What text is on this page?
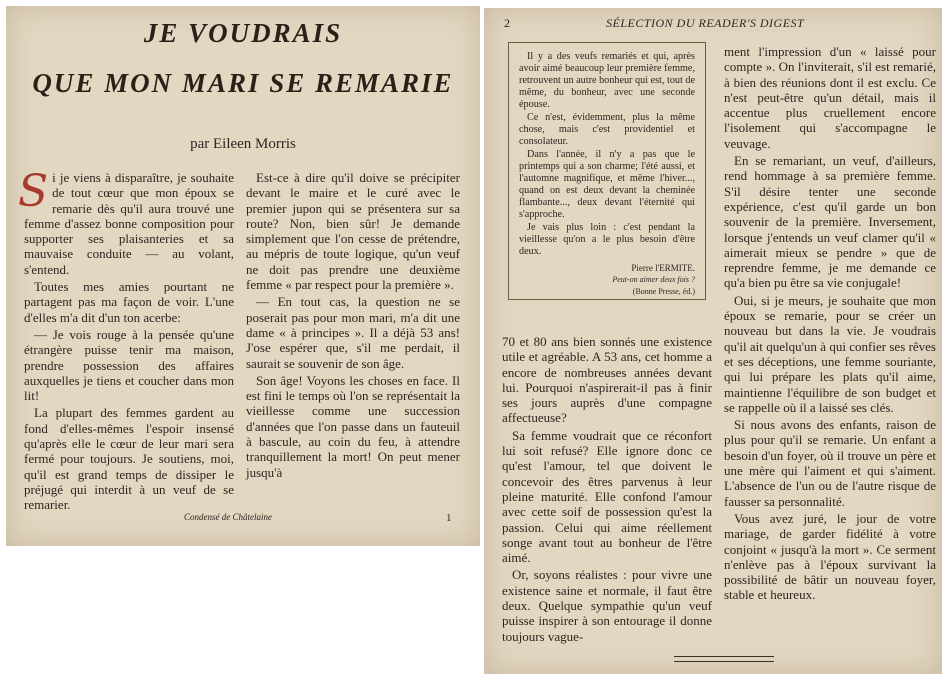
JE VOUDRAIS
QUE MON MARI SE REMARIE
par Eileen Morris

Si je viens à disparaître, je souhaite de tout cœur que mon époux se remarie dès qu'il aura trouvé une femme d'assez bonne composition pour supporter ses plaisanteries et sa mauvaise conduite — au volant, s'entend.

Toutes mes amies pourtant ne partagent pas ma façon de voir. L'une d'elles m'a dit d'un ton acerbe:

— Je vois rouge à la pensée qu'une étrangère puisse tenir ma maison, prendre possession des affaires auxquelles je tiens et coucher dans mon lit!

La plupart des femmes gardent au fond d'elles-mêmes l'espoir insensé qu'après elle le cœur de leur mari sera fermé pour toujours. Je soutiens, moi, qu'il est grand temps de dissiper le préjugé qui interdit à un veuf de se remarier.

Est-ce à dire qu'il doive se précipiter devant le maire et le curé avec le premier jupon qui se présentera sur sa route? Non, bien sûr! Je demande simplement que l'on cesse de prétendre, au mépris de toute logique, qu'un veuf ne doit pas prendre une deuxième femme « par respect pour la première ».

— En tout cas, la question ne se poserait pas pour mon mari, m'a dit une dame « à principes ». Il a déjà 53 ans! J'ose espérer que, s'il me perdait, il saurait se souvenir de son âge.

Son âge! Voyons les choses en face. Il est fini le temps où l'on se représentait la vieillesse comme une succession d'années que l'on passe dans un fauteuil à bascule, au coin du feu, à attendre tranquillement la mort! On peut mener jusqu'à

Condensé de Châtelaine	1
2	SÉLECTION DU READER'S DIGEST

Il y a des veufs remariés et qui, après avoir aimé beaucoup leur première femme, retrouvent un autre bonheur qui est, tout de même, du bonheur, avec une seconde épouse.

Ce n'est, évidemment, plus la même chose, mais c'est providentiel et consolateur.

Dans l'année, il n'y a pas que le printemps qui a son charme; l'été aussi, et l'automne magnifique, et même l'hiver..., quand on est deux devant la cheminée flambante..., deux devant l'éternité qui s'approche.

Je vais plus loin : c'est pendant la vieillesse qu'on a le plus besoin d'être deux.

Pierre l'ERMITE.
Peut-on aimer deux fois ?
(Bonne Presse, éd.)

70 et 80 ans bien sonnés une existence utile et agréable. A 53 ans, cet homme a encore de nombreuses années devant lui. Pourquoi n'aspirerait-il pas à finir ses jours auprès d'une compagne affectueuse?

Sa femme voudrait que ce réconfort lui soit refusé? Elle ignore donc ce qu'est l'amour, tel que doivent le concevoir des êtres parvenus à leur pleine maturité. Elle confond l'amour avec cette soif de possession qu'est la passion. Celui qui aime réellement songe avant tout au bonheur de l'être aimé.

Or, soyons réalistes : pour vivre une existence saine et normale, il faut être deux. Quelque sympathie qu'un veuf puisse inspirer à son entourage il donne toujours vague-

ment l'impression d'un « laissé pour compte ». On l'inviterait, s'il est remarié, à bien des réunions dont il est exclu. Ce n'est peut-être qu'un détail, mais il accentue plus cruellement encore l'isolement qui s'accompagne le veuvage.

En se remariant, un veuf, d'ailleurs, rend hommage à sa première femme. S'il désire tenter une seconde expérience, c'est qu'il garde un bon souvenir de la première. Inversement, lorsque j'entends un veuf clamer qu'il « aimerait mieux se pendre » que de reprendre femme, je me demande ce qu'a bien pu être sa vie conjugale!

Oui, si je meurs, je souhaite que mon époux se remarie, pour se créer un nouveau but dans la vie. Je voudrais qu'il ait quelqu'un à qui confier ses rêves et ses déceptions, une femme souriante, qui lui prépare les plats qu'il aime, maintienne l'équilibre de son budget et se rappelle où il a laissé ses clés.

Si nous avons des enfants, raison de plus pour qu'il se remarie. Un enfant a besoin d'un foyer, où il trouve un père et une mère qui l'aiment et qui s'aiment. L'absence de l'un ou de l'autre risque de fausser sa personnalité.

Vous avez juré, le jour de votre mariage, de garder fidélité à votre conjoint « jusqu'à la mort ». Ce serment n'enlève pas à l'époux survivant la possibilité de bâtir un nouveau foyer, stable et heureux.
